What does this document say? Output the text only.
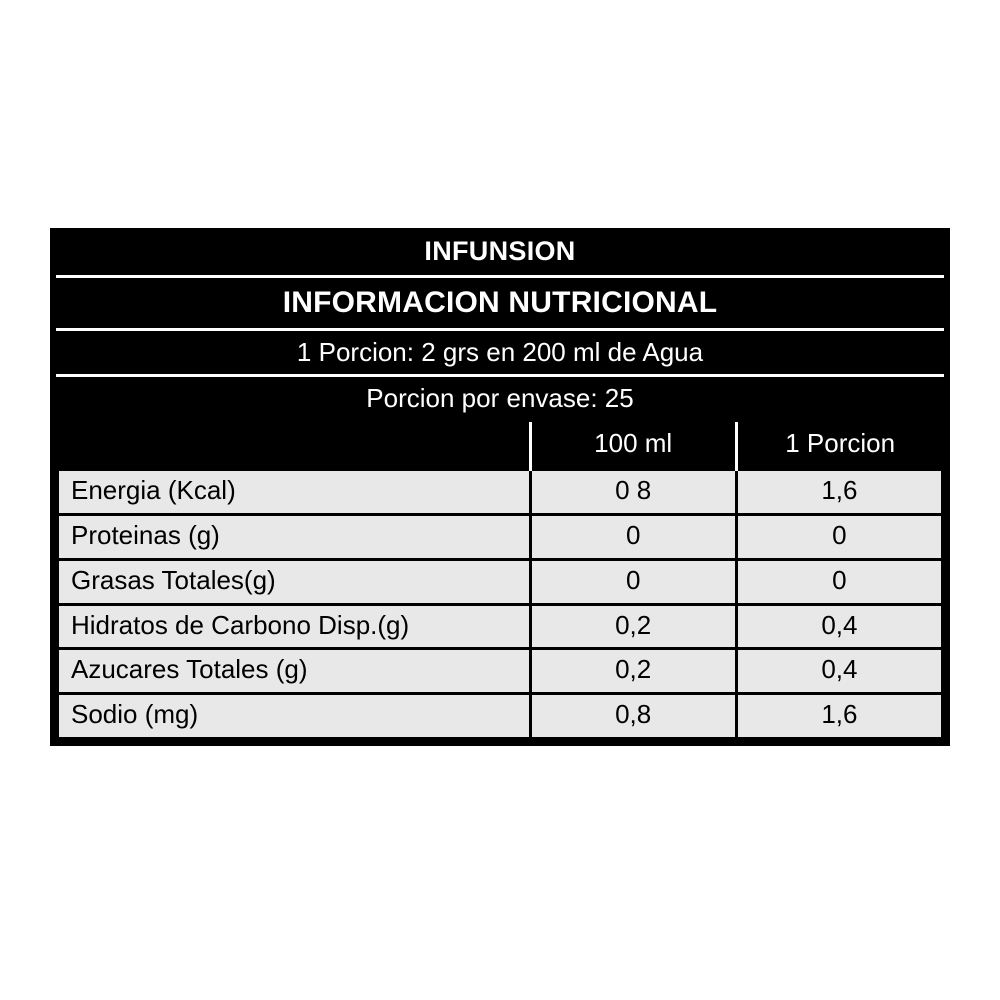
INFUNSION
INFORMACION NUTRICIONAL
1 Porcion: 2 grs en 200 ml de Agua
Porcion por envase: 25
	100 ml	1 Porcion
Energia (Kcal)	0 8	1,6
Proteinas (g)	0	0
Grasas Totales(g)	0	0
Hidratos de Carbono Disp.(g)	0,2	0,4
Azucares Totales (g)	0,2	0,4
Sodio (mg)	0,8	1,6
